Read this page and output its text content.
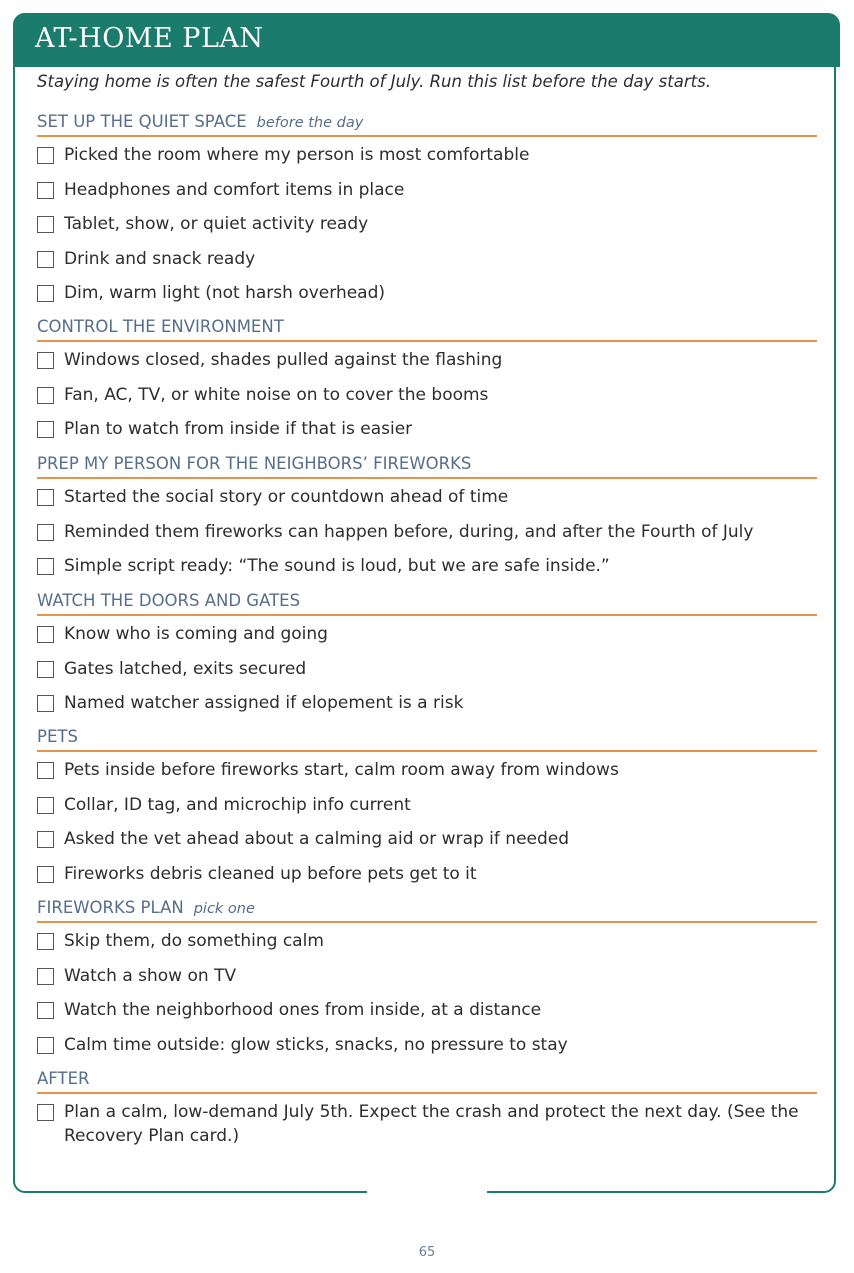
AT-HOME PLAN
Staying home is often the safest Fourth of July. Run this list before the day starts.
SET UP THE QUIET SPACE before the day
Picked the room where my person is most comfortable
Headphones and comfort items in place
Tablet, show, or quiet activity ready
Drink and snack ready
Dim, warm light (not harsh overhead)
CONTROL THE ENVIRONMENT
Windows closed, shades pulled against the flashing
Fan, AC, TV, or white noise on to cover the booms
Plan to watch from inside if that is easier
PREP MY PERSON FOR THE NEIGHBORS’ FIREWORKS
Started the social story or countdown ahead of time
Reminded them fireworks can happen before, during, and after the Fourth of July
Simple script ready: “The sound is loud, but we are safe inside.”
WATCH THE DOORS AND GATES
Know who is coming and going
Gates latched, exits secured
Named watcher assigned if elopement is a risk
PETS
Pets inside before fireworks start, calm room away from windows
Collar, ID tag, and microchip info current
Asked the vet ahead about a calming aid or wrap if needed
Fireworks debris cleaned up before pets get to it
FIREWORKS PLAN pick one
Skip them, do something calm
Watch a show on TV
Watch the neighborhood ones from inside, at a distance
Calm time outside: glow sticks, snacks, no pressure to stay
AFTER
Plan a calm, low-demand July 5th. Expect the crash and protect the next day. (See the Recovery Plan card.)
65
